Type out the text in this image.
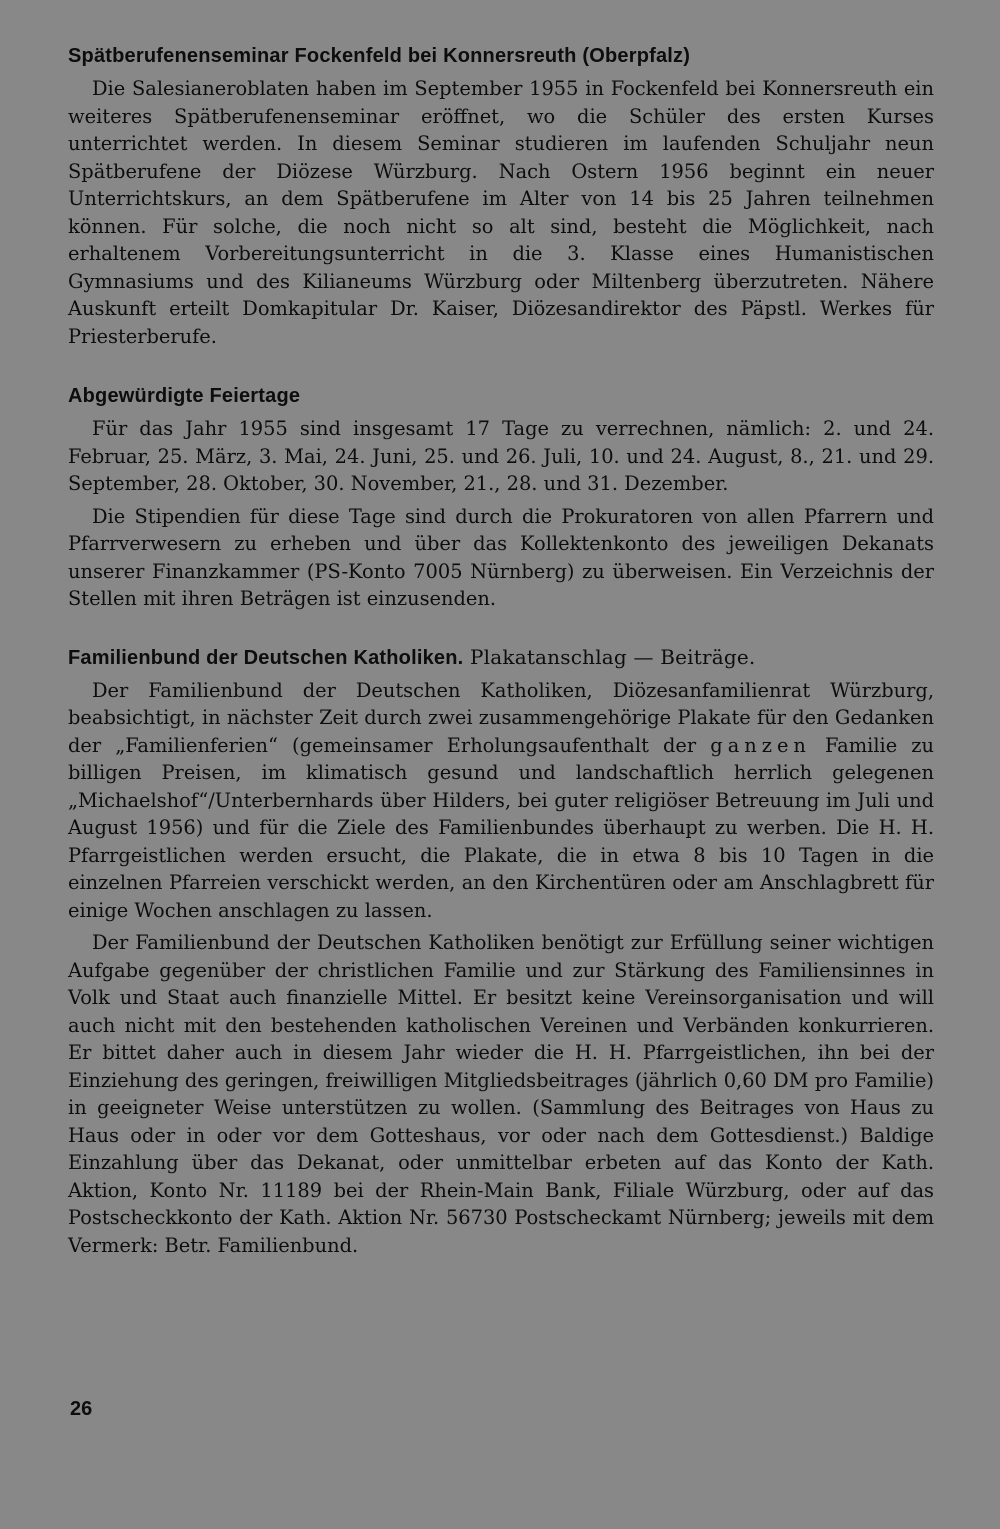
Spätberufenenseminar Fockenfeld bei Konnersreuth (Oberpfalz)

Die Salesianeroblaten haben im September 1955 in Fockenfeld bei Konnersreuth ein weiteres Spätberufenenseminar eröffnet, wo die Schüler des ersten Kurses unterrichtet werden. In diesem Seminar studieren im laufenden Schuljahr neun Spätberufene der Diözese Würzburg. Nach Ostern 1956 beginnt ein neuer Unterrichtskurs, an dem Spätberufene im Alter von 14 bis 25 Jahren teilnehmen können. Für solche, die noch nicht so alt sind, besteht die Möglichkeit, nach erhaltenem Vorbereitungsunterricht in die 3. Klasse eines Humanistischen Gymnasiums und des Kilianeums Würzburg oder Miltenberg überzutreten. Nähere Auskunft erteilt Domkapitular Dr. Kaiser, Diözesandirektor des Päpstl. Werkes für Priesterberufe.

Abgewürdigte Feiertage

Für das Jahr 1955 sind insgesamt 17 Tage zu verrechnen, nämlich: 2. und 24. Februar, 25. März, 3. Mai, 24. Juni, 25. und 26. Juli, 10. und 24. August, 8., 21. und 29. September, 28. Oktober, 30. November, 21., 28. und 31. Dezember.

Die Stipendien für diese Tage sind durch die Prokuratoren von allen Pfarrern und Pfarrverwesern zu erheben und über das Kollektenkonto des jeweiligen Dekanats unserer Finanzkammer (PS-Konto 7005 Nürnberg) zu überweisen. Ein Verzeichnis der Stellen mit ihren Beträgen ist einzusenden.

Familienbund der Deutschen Katholiken. Plakatanschlag — Beiträge.

Der Familienbund der Deutschen Katholiken, Diözesanfamilienrat Würzburg, beabsichtigt, in nächster Zeit durch zwei zusammengehörige Plakate für den Gedanken der „Familienferien“ (gemeinsamer Erholungsaufenthalt der ganzen Familie zu billigen Preisen, im klimatisch gesund und landschaftlich herrlich gelegenen „Michaelshof“/Unterbernhards über Hilders, bei guter religiöser Betreuung im Juli und August 1956) und für die Ziele des Familienbundes überhaupt zu werben. Die H. H. Pfarrgeistlichen werden ersucht, die Plakate, die in etwa 8 bis 10 Tagen in die einzelnen Pfarreien verschickt werden, an den Kirchentüren oder am Anschlagbrett für einige Wochen anschlagen zu lassen.

Der Familienbund der Deutschen Katholiken benötigt zur Erfüllung seiner wichtigen Aufgabe gegenüber der christlichen Familie und zur Stärkung des Familiensinnes in Volk und Staat auch finanzielle Mittel. Er besitzt keine Vereinsorganisation und will auch nicht mit den bestehenden katholischen Vereinen und Verbänden konkurrieren. Er bittet daher auch in diesem Jahr wieder die H. H. Pfarrgeistlichen, ihn bei der Einziehung des geringen, freiwilligen Mitgliedsbeitrages (jährlich 0,60 DM pro Familie) in geeigneter Weise unterstützen zu wollen. (Sammlung des Beitrages von Haus zu Haus oder in oder vor dem Gotteshaus, vor oder nach dem Gottesdienst.) Baldige Einzahlung über das Dekanat, oder unmittelbar erbeten auf das Konto der Kath. Aktion, Konto Nr. 11189 bei der Rhein-Main Bank, Filiale Würzburg, oder auf das Postscheckkonto der Kath. Aktion Nr. 56730 Postscheckamt Nürnberg; jeweils mit dem Vermerk: Betr. Familienbund.

26
